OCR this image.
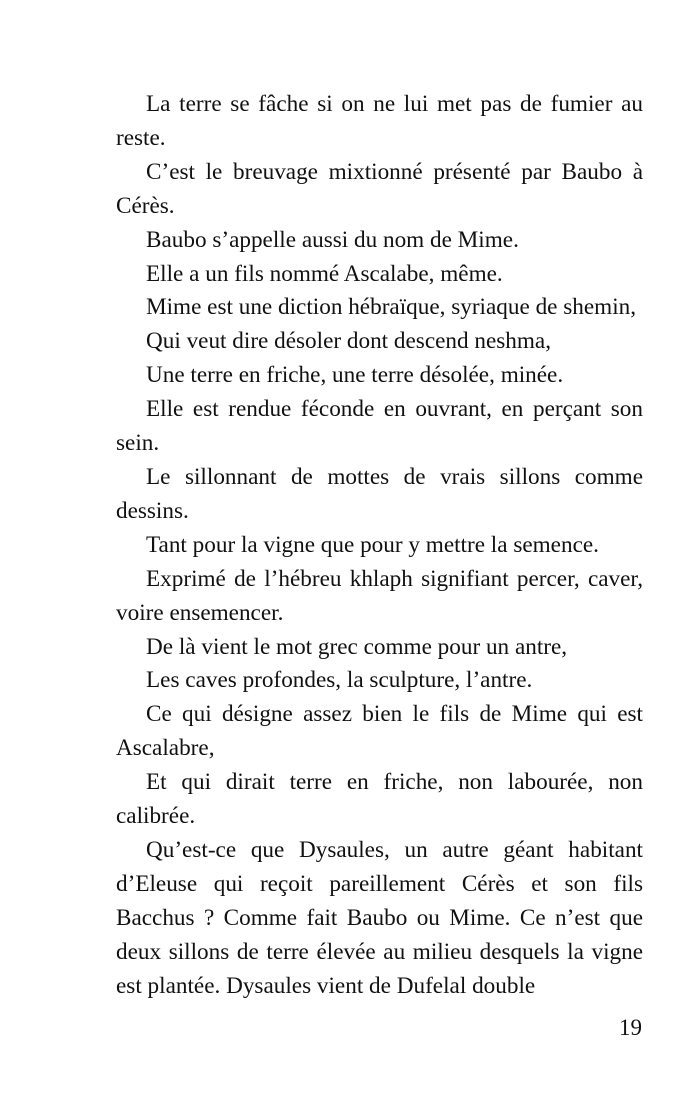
La terre se fâche si on ne lui met pas de fumier au reste.

C’est le breuvage mixtionné présenté par Baubo à Cérès.

Baubo s’appelle aussi du nom de Mime.

Elle a un fils nommé Ascalabe, même.

Mime est une diction hébraïque, syriaque de shemin,

Qui veut dire désoler dont descend neshma,

Une terre en friche, une terre désolée, minée.

Elle est rendue féconde en ouvrant, en perçant son sein.

Le sillonnant de mottes de vrais sillons comme dessins.

Tant pour la vigne que pour y mettre la semence.

Exprimé de l’hébreu khlaph signifiant percer, caver, voire ensemencer.

De là vient le mot grec comme pour un antre,

Les caves profondes, la sculpture, l’antre.

Ce qui désigne assez bien le fils de Mime qui est Ascalabre,

Et qui dirait terre en friche, non labourée, non calibrée.

Qu’est-ce que Dysaules, un autre géant habitant d’Eleuse qui reçoit pareillement Cérès et son fils Bacchus ? Comme fait Baubo ou Mime. Ce n’est que deux sillons de terre élevée au milieu desquels la vigne est plantée. Dysaules vient de Dufelal double

19
